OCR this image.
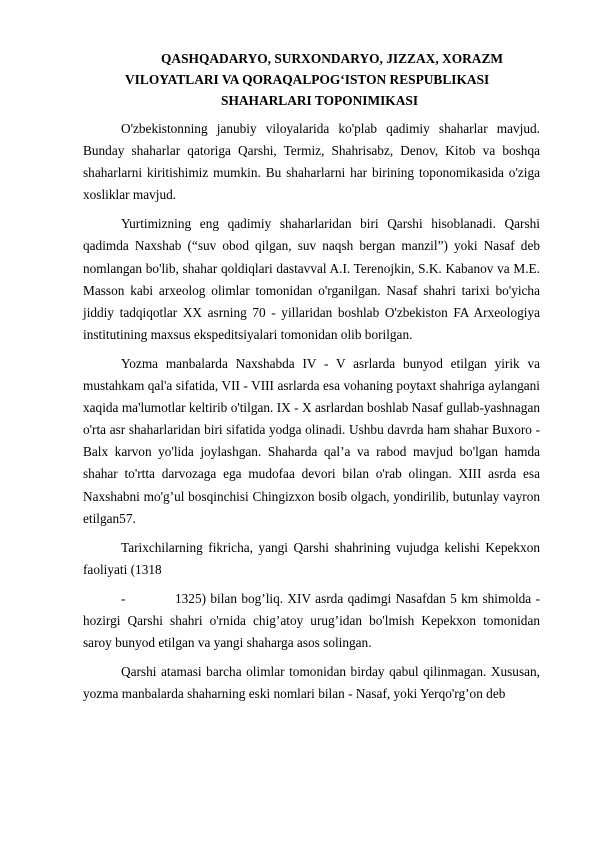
QASHQADARYO, SURXONDARYO, JIZZAX, XORAZM
VILOYATLARI VA QORAQALPOG‘ISTON RESPUBLIKASI
SHAHARLARI TOPONIMIKASI

O'zbekistonning janubiy viloyalarida ko'plab qadimiy shaharlar mavjud. Bunday shaharlar qatoriga Qarshi, Termiz, Shahrisabz, Denov, Kitob va boshqa shaharlarni kiritishimiz mumkin. Bu shaharlarni har birining toponomikasida o'ziga xosliklar mavjud.

Yurtimizning eng qadimiy shaharlaridan biri Qarshi hisoblanadi. Qarshi qadimda Naxshab (“suv obod qilgan, suv naqsh bergan manzil”) yoki Nasaf deb nomlangan bo'lib, shahar qoldiqlari dastavval A.I. Terenojkin, S.K. Kabanov va M.E. Masson kabi arxeolog olimlar tomonidan o'rganilgan. Nasaf shahri tarixi bo'yicha jiddiy tadqiqotlar XX asrning 70 - yillaridan boshlab O'zbekiston FA Arxeologiya institutining maxsus ekspeditsiyalari tomonidan olib borilgan.

Yozma manbalarda Naxshabda IV - V asrlarda bunyod etilgan yirik va mustahkam qal'a sifatida, VII - VIII asrlarda esa vohaning poytaxt shahriga aylangani xaqida ma'lumotlar keltirib o'tilgan. IX - X asrlardan boshlab Nasaf gullab-yashnagan o'rta asr shaharlaridan biri sifatida yodga olinadi. Ushbu davrda ham shahar Buxoro - Balx karvon yo'lida joylashgan. Shaharda qal’a va rabod mavjud bo'lgan hamda shahar to'rtta darvozaga ega mudofaa devori bilan o'rab olingan. XIII asrda esa Naxshabni mo'g’ul bosqinchisi Chingizxon bosib olgach, yondirilib, butunlay vayron etilgan57.

Tarixchilarning fikricha, yangi Qarshi shahrining vujudga kelishi Kepekxon faoliyati (1318

-	1325) bilan bog’liq. XIV asrda qadimgi Nasafdan 5 km shimolda - hozirgi Qarshi shahri o'rnida chig’atoy urug’idan bo'lmish Kepekxon tomonidan saroy bunyod etilgan va yangi shaharga asos solingan.

Qarshi atamasi barcha olimlar tomonidan birday qabul qilinmagan. Xususan, yozma manbalarda shaharning eski nomlari bilan - Nasaf, yoki Yerqo'rg’on deb
